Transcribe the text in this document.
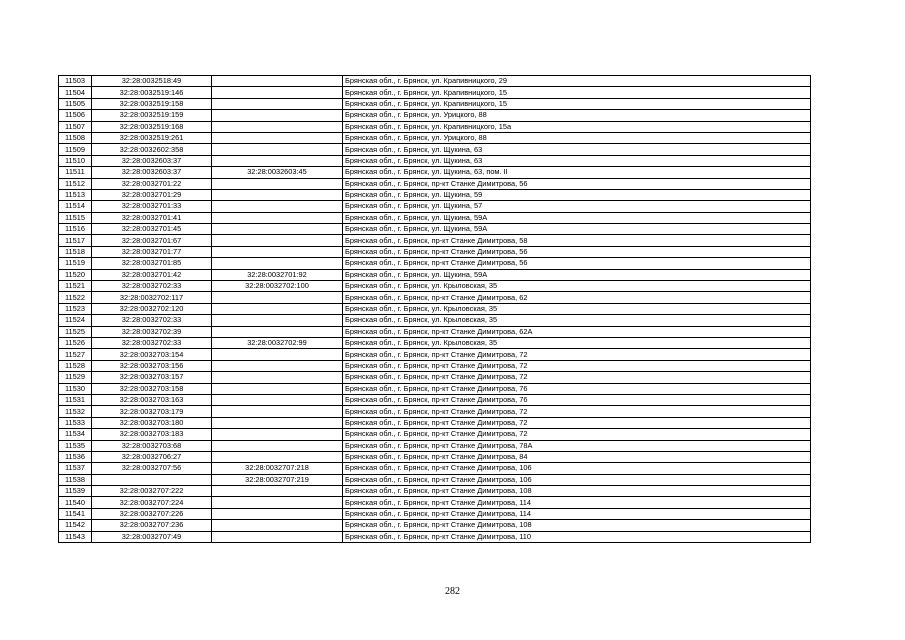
11503	32:28:0032518:49		Брянская обл., г. Брянск, ул. Крапивницкого, 29
11504	32:28:0032519:146		Брянская обл., г. Брянск, ул. Крапивницкого, 15
11505	32:28:0032519:158		Брянская обл., г. Брянск, ул. Крапивницкого, 15
11506	32:28:0032519:159		Брянская обл., г. Брянск, ул. Урицкого, 88
11507	32:28:0032519:168		Брянская обл., г. Брянск, ул. Крапивницкого, 15а
11508	32:28:0032519:261		Брянская обл., г. Брянск, ул. Урицкого, 88
11509	32:28:0032602:358		Брянская обл., г. Брянск, ул. Щукина, 63
11510	32:28:0032603:37		Брянская обл., г. Брянск, ул. Щукина, 63
11511	32:28:0032603:37	32:28:0032603:45	Брянская обл., г. Брянск, ул. Щукина, 63, пом. II
11512	32:28:0032701:22		Брянская обл., г. Брянск, пр-кт Станке Димитрова, 56
11513	32:28:0032701:29		Брянская обл., г. Брянск, ул. Щукина, 59
11514	32:28:0032701:33		Брянская обл., г. Брянск, ул. Щукина, 57
11515	32:28:0032701:41		Брянская обл., г. Брянск, ул. Щукина, 59А
11516	32:28:0032701:45		Брянская обл., г. Брянск, ул. Щукина, 59А
11517	32:28:0032701:67		Брянская обл., г. Брянск, пр-кт Станке Димитрова, 58
11518	32:28:0032701:77		Брянская обл., г. Брянск, пр-кт Станке Димитрова, 56
11519	32:28:0032701:85		Брянская обл., г. Брянск, пр-кт Станке Димитрова, 56
11520	32:28:0032701:42	32:28:0032701:92	Брянская обл., г. Брянск, ул. Щукина, 59А
11521	32:28:0032702:33	32:28:0032702:100	Брянская обл., г. Брянск, ул. Крыловская, 35
11522	32:28:0032702:117		Брянская обл., г. Брянск, пр-кт Станке Димитрова, 62
11523	32:28:0032702:120		Брянская обл., г. Брянск, ул. Крыловская, 35
11524	32:28:0032702:33		Брянская обл., г. Брянск, ул. Крыловская, 35
11525	32:28:0032702:39		Брянская обл., г. Брянск, пр-кт Станке Димитрова, 62А
11526	32:28:0032702:33	32:28:0032702:99	Брянская обл., г. Брянск, ул. Крыловская, 35
11527	32:28:0032703:154		Брянская обл., г. Брянск, пр-кт Станке Димитрова, 72
11528	32:28:0032703:156		Брянская обл., г. Брянск, пр-кт Станке Димитрова, 72
11529	32:28:0032703:157		Брянская обл., г. Брянск, пр-кт Станке Димитрова, 72
11530	32:28:0032703:158		Брянская обл., г. Брянск, пр-кт Станке Димитрова, 76
11531	32:28:0032703:163		Брянская обл., г. Брянск, пр-кт Станке Димитрова, 76
11532	32:28:0032703:179		Брянская обл., г. Брянск, пр-кт Станке Димитрова, 72
11533	32:28:0032703:180		Брянская обл., г. Брянск, пр-кт Станке Димитрова, 72
11534	32:28:0032703:183		Брянская обл., г. Брянск, пр-кт Станке Димитрова, 72
11535	32:28:0032703:68		Брянская обл., г. Брянск, пр-кт Станке Димитрова, 78А
11536	32:28:0032706:27		Брянская обл., г. Брянск, пр-кт Станке Димитрова, 84
11537	32:28:0032707:56	32:28:0032707:218	Брянская обл., г. Брянск, пр-кт Станке Димитрова, 106
11538		32:28:0032707:219	Брянская обл., г. Брянск, пр-кт Станке Димитрова, 106
11539	32:28:0032707:222		Брянская обл., г. Брянск, пр-кт Станке Димитрова, 108
11540	32:28:0032707:224		Брянская обл., г. Брянск, пр-кт Станке Димитрова, 114
11541	32:28:0032707:226		Брянская обл., г. Брянск, пр-кт Станке Димитрова, 114
11542	32:28:0032707:236		Брянская обл., г. Брянск, пр-кт Станке Димитрова, 108
11543	32:28:0032707:49		Брянская обл., г. Брянск, пр-кт Станке Димитрова, 110
282
